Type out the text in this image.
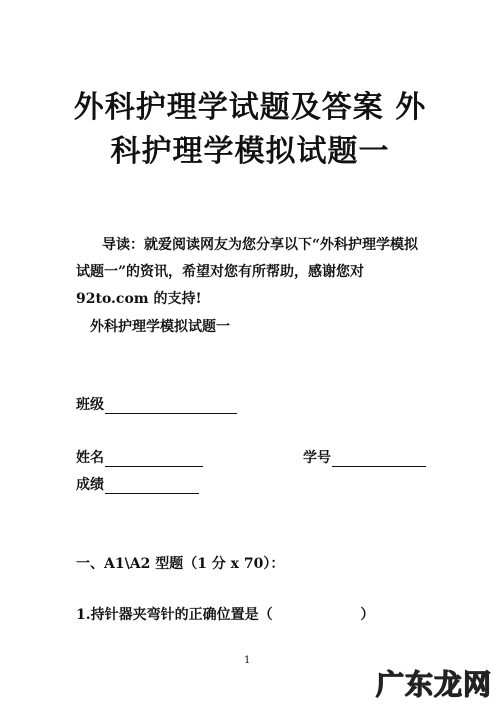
外科护理学试题及答案 外
科护理学模拟试题一
导读：就爱阅读网友为您分享以下“外科护理学模拟试题一”的资讯，希望对您有所帮助，感谢您对 92to.com 的支持!
外科护理学模拟试题一
班级
姓名	学号
成绩
一、A1\A2 型题（1 分 x 70）：
1.持针器夹弯针的正确位置是（                  ）
1
广东龙网
